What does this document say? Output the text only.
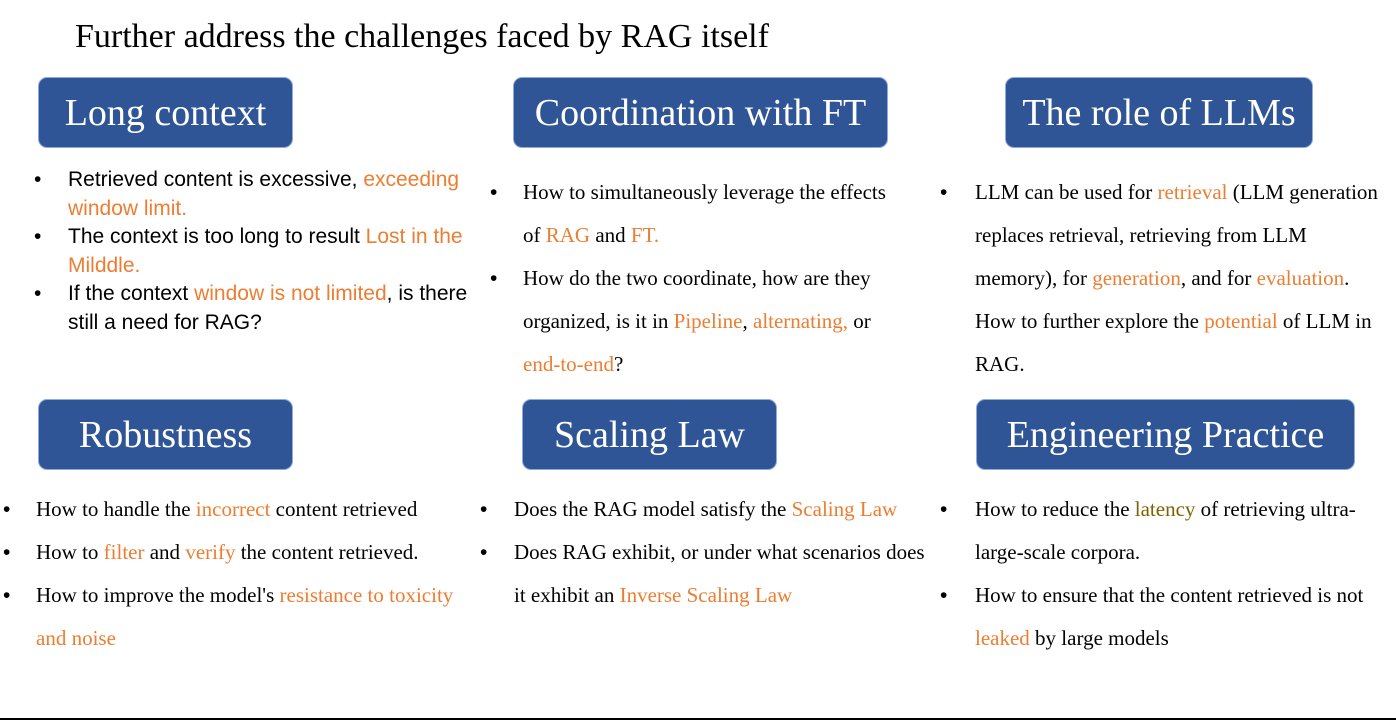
Further address the challenges faced by RAG itself
Long context	Coordination with FT	The role of LLMs
Robustness	Scaling Law	Engineering Practice
• Retrieved content is excessive, exceeding window limit.
• The context is too long to result Lost in the Milddle.
• If the context window is not limited, is there still a need for RAG?
• How to simultaneously leverage the effects of RAG and FT.
• How do the two coordinate, how are they organized, is it in Pipeline, alternating, or end-to-end?
• LLM can be used for retrieval (LLM generation replaces retrieval, retrieving from LLM memory), for generation, and for evaluation. How to further explore the potential of LLM in RAG.
• How to handle the incorrect content retrieved
• How to filter and verify the content retrieved.
• How to improve the model's resistance to toxicity and noise
• Does the RAG model satisfy the Scaling Law
• Does RAG exhibit, or under what scenarios does it exhibit an Inverse Scaling Law
• How to reduce the latency of retrieving ultra-large-scale corpora.
• How to ensure that the content retrieved is not leaked by large models
